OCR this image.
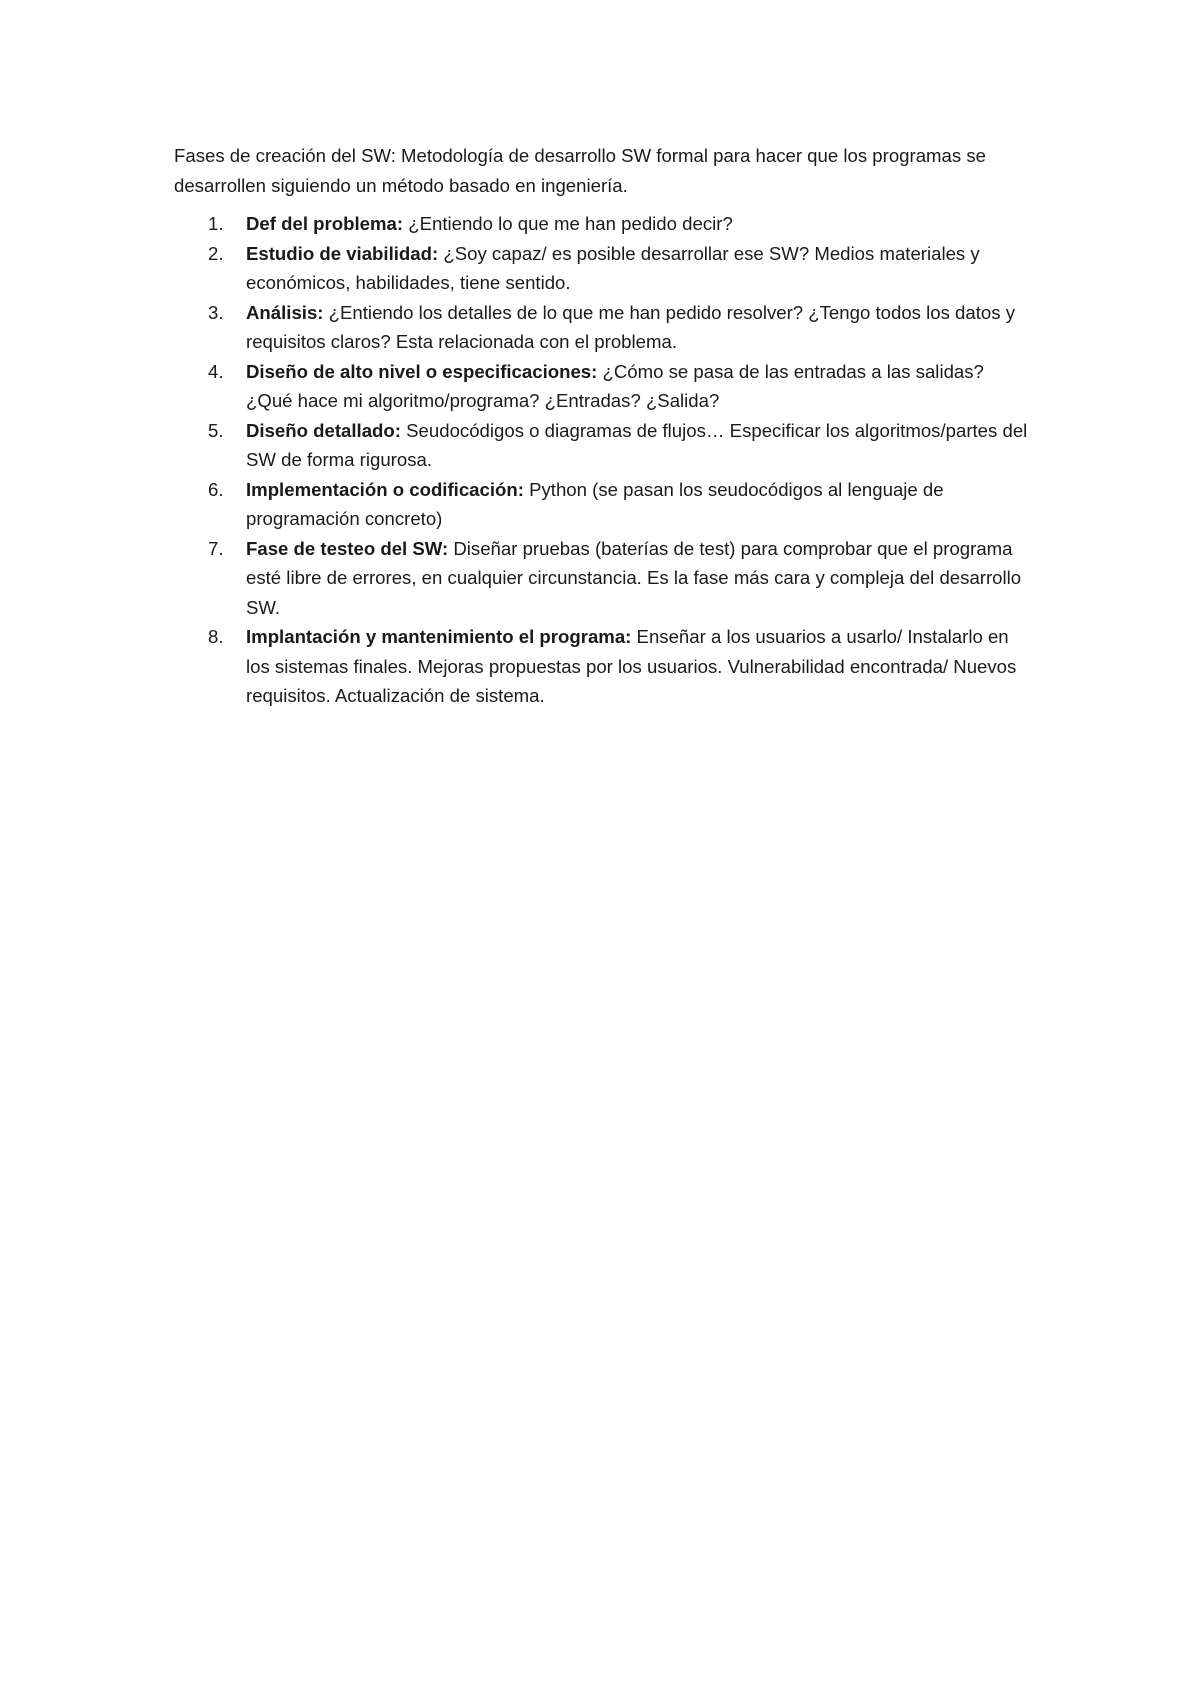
Fases de creación del SW: Metodología de desarrollo SW formal para hacer que los programas se desarrollen siguiendo un método basado en ingeniería.

1.	Def del problema: ¿Entiendo lo que me han pedido decir?
2.	Estudio de viabilidad: ¿Soy capaz/ es posible desarrollar ese SW? Medios materiales y económicos, habilidades, tiene sentido.
3.	Análisis: ¿Entiendo los detalles de lo que me han pedido resolver? ¿Tengo todos los datos y requisitos claros? Esta relacionada con el problema.
4.	Diseño de alto nivel o especificaciones: ¿Cómo se pasa de las entradas a las salidas? ¿Qué hace mi algoritmo/programa? ¿Entradas? ¿Salida?
5.	Diseño detallado: Seudocódigos o diagramas de flujos… Especificar los algoritmos/partes del SW de forma rigurosa.
6.	Implementación o codificación: Python (se pasan los seudocódigos al lenguaje de programación concreto)
7.	Fase de testeo del SW: Diseñar pruebas (baterías de test) para comprobar que el programa esté libre de errores, en cualquier circunstancia. Es la fase más cara y compleja del desarrollo SW.
8.	Implantación y mantenimiento el programa: Enseñar a los usuarios a usarlo/ Instalarlo en los sistemas finales. Mejoras propuestas por los usuarios. Vulnerabilidad encontrada/ Nuevos requisitos. Actualización de sistema.
